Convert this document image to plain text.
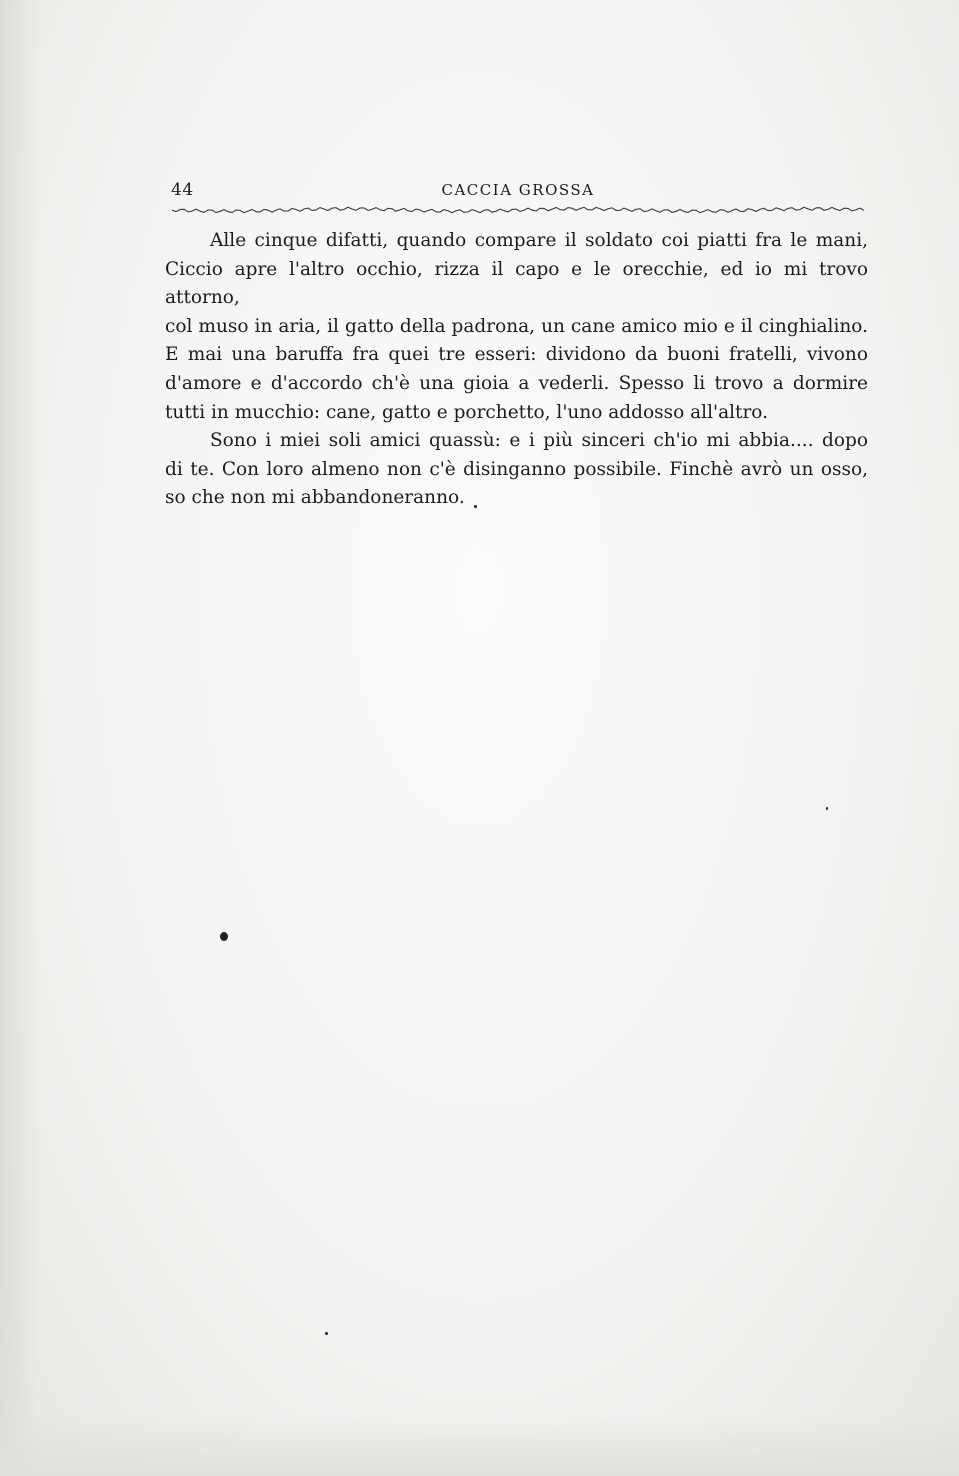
44	CACCIA GROSSA

Alle cinque difatti, quando compare il soldato coi piatti fra le mani,
Ciccio apre l'altro occhio, rizza il capo e le orecchie, ed io mi trovo attorno,
col muso in aria, il gatto della padrona, un cane amico mio e il cinghialino.
E mai una baruffa fra quei tre esseri: dividono da buoni fratelli, vivono
d'amore e d'accordo ch'è una gioia a vederli. Spesso li trovo a dormire
tutti in mucchio: cane, gatto e porchetto, l'uno addosso all'altro.

Sono i miei soli amici quassù: e i più sinceri ch'io mi abbia.... dopo
di te. Con loro almeno non c'è disinganno possibile. Finchè avrò un osso,
so che non mi abbandoneranno.
